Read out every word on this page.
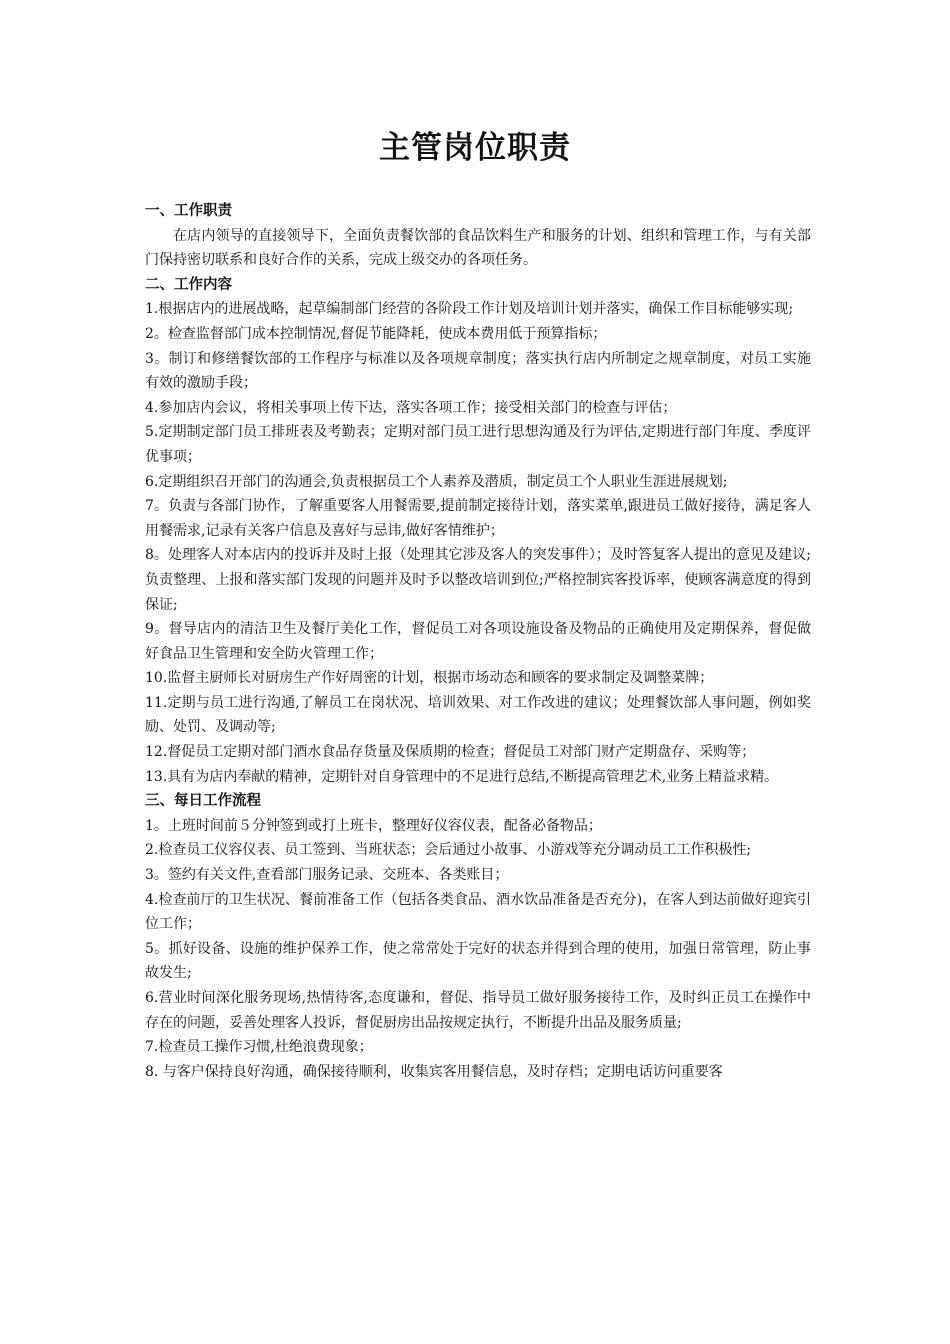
主管岗位职责

一、工作职责

在店内领导的直接领导下，全面负责餐饮部的食品饮料生产和服务的计划、组织和管理工作，与有关部门保持密切联系和良好合作的关系，完成上级交办的各项任务。

二、工作内容

1.根据店内的进展战略，起草编制部门经营的各阶段工作计划及培训计划并落实，确保工作目标能够实现;

2。检查监督部门成本控制情况,督促节能降耗，使成本费用低于预算指标；

3。制订和修缮餐饮部的工作程序与标准以及各项规章制度；落实执行店内所制定之规章制度，对员工实施有效的激励手段；

4.参加店内会议，将相关事项上传下达，落实各项工作；接受相关部门的检查与评估；

5.定期制定部门员工排班表及考勤表；定期对部门员工进行思想沟通及行为评估,定期进行部门年度、季度评优事项；

6.定期组织召开部门的沟通会,负责根据员工个人素养及潜质，制定员工个人职业生涯进展规划;

7。负责与各部门协作，了解重要客人用餐需要,提前制定接待计划，落实菜单,跟进员工做好接待，满足客人用餐需求,记录有关客户信息及喜好与忌讳,做好客情维护；

8。处理客人对本店内的投诉并及时上报（处理其它涉及客人的突发事件）；及时答复客人提出的意见及建议;负责整理、上报和落实部门发现的问题并及时予以整改培训到位;严格控制宾客投诉率，使顾客满意度的得到保证;

9。督导店内的清洁卫生及餐厅美化工作，督促员工对各项设施设备及物品的正确使用及定期保养，督促做好食品卫生管理和安全防火管理工作；

10.监督主厨师长对厨房生产作好周密的计划，根据市场动态和顾客的要求制定及调整菜牌；

11.定期与员工进行沟通,了解员工在岗状况、培训效果、对工作改进的建议；处理餐饮部人事问题，例如奖励、处罚、及调动等;

12.督促员工定期对部门酒水食品存货量及保质期的检查；督促员工对部门财产定期盘存、采购等；

13.具有为店内奉献的精神，定期针对自身管理中的不足进行总结,不断提高管理艺术,业务上精益求精。

三、每日工作流程

1。上班时间前５分钟签到或打上班卡，整理好仪容仪表，配备必备物品；

2.检查员工仪容仪表、员工签到、当班状态；会后通过小故事、小游戏等充分调动员工工作积极性;

3。签约有关文件,查看部门服务记录、交班本、各类账目；

4.检查前厅的卫生状况、餐前准备工作（包括各类食品、酒水饮品准备是否充分)，在客人到达前做好迎宾引位工作；

5。抓好设备、设施的维护保养工作，使之常常处于完好的状态并得到合理的使用，加强日常管理，防止事故发生;

6.营业时间深化服务现场,热情待客,态度谦和，督促、指导员工做好服务接待工作，及时纠正员工在操作中存在的问题，妥善处理客人投诉，督促厨房出品按规定执行，不断提升出品及服务质量;

7.检查员工操作习惯,杜绝浪费现象；

8. 与客户保持良好沟通，确保接待顺利，收集宾客用餐信息，及时存档；定期电话访问重要客
